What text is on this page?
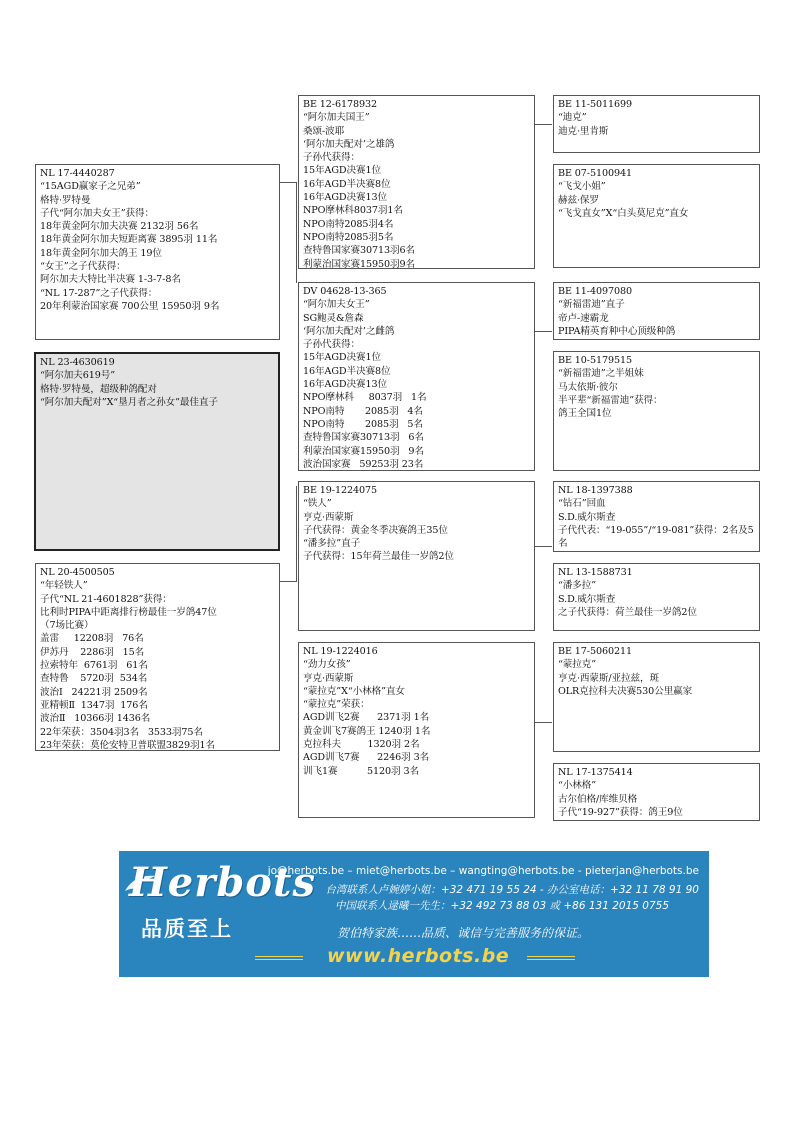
NL 17-4440287
“15AGD赢家子之兄弟”
格特·罗特曼
子代“阿尔加夫女王”获得：
18年黄金阿尔加夫决赛 2132羽 56名
18年黄金阿尔加夫短距离赛 3895羽 11名
18年黄金阿尔加夫鸽王 19位
“女王”之子代获得：
阿尔加夫大特比半决赛 1-3-7-8名
“NL 17-287”之子代获得：
20年利蒙治国家赛 700公里 15950羽 9名
NL 23-4630619
“阿尔加夫619号”
格特·罗特曼，超级种鸽配对
“阿尔加夫配对”X“垦月者之孙女”最佳直子
NL 20-4500505
“年轻铁人”
子代“NL 21-4601828”获得：
比利时PIPA中距离排行榜最佳一岁鸽47位
（7场比赛）
盖雷     12208羽   76名
伊苏丹    2286羽   15名
拉索特年  6761羽   61名
查特鲁    5720羽  534名
波治Ⅰ   24221羽 2509名
亚精顿Ⅱ  1347羽  176名
波治Ⅱ   10366羽 1436名
22年荣获：3504羽3名   3533羽75名
23年荣获：莫伦安特卫普联盟3829羽1名
BE 12-6178932
“阿尔加夫国王”
桑颂-波耶
‘阿尔加夫配对’之雄鸽
子孙代获得：
15年AGD决赛1位
16年AGD半决赛8位
16年AGD决赛13位
NPO摩林科8037羽1名
NPO南特2085羽4名
NPO南特2085羽5名
查特鲁国家赛30713羽6名
利蒙治国家赛15950羽9名
DV 04628-13-365
“阿尔加夫女王”
SG鲍灵&詹森
‘阿尔加夫配对’之雌鸽
子孙代获得：
15年AGD决赛1位
16年AGD半决赛8位
16年AGD决赛13位
NPO摩林科     8037羽   1名
NPO南特       2085羽   4名
NPO南特       2085羽   5名
查特鲁国家赛30713羽   6名
利蒙治国家赛15950羽   9名
波治国家赛   59253羽 23名
BE 19-1224075
“铁人”
亨克·西蒙斯
子代获得：黄金冬季决赛鸽王35位
“潘多拉”直子
子代获得：15年荷兰最佳一岁鸽2位
NL 19-1224016
“劲力女孩”
亨克·西蒙斯
“蒙拉克”X“小林格”直女
“蒙拉克”荣获：
AGD训飞2赛      2371羽 1名
黄金训飞7赛鸽王 1240羽 1名
克拉科夫         1320羽 2名
AGD训飞7赛      2246羽 3名
训飞1赛          5120羽 3名
BE 11-5011699
“迪克”
迪克·里肯斯
BE 07-5100941
“飞戈小姐”
赫兹·保罗
“飞戈直女”X“白头莫尼克”直女
BE 11-4097080
“新福雷迪”直子
帝卢-速霸龙
PIPA精英育种中心顶级种鸽
BE 10-5179515
“新福雷迪”之半姐妹
马太依斯·彼尔
半平辈“新福雷迪”获得：
鸽王全国1位
NL 18-1397388
“钻石”回血
S.D.威尔斯查
子代代表：“19-055”/“19-081”获得：2名及5名
NL 13-1588731
“潘多拉”
S.D.威尔斯查
之子代获得：荷兰最佳一岁鸽2位
BE 17-5060211
“蒙拉克”
亨克·西蒙斯/亚拉兹，斑
OLR克拉科夫决赛530公里赢家
NL 17-1375414
“小林格”
古尔伯格/库维贝格
子代“19-927”获得：鸽王9位
Herbots
品质至上
jo@herbots.be – miet@herbots.be – wangting@herbots.be - pieterjan@herbots.be
台湾联系人卢婉婷小姐：+32 471 19 55 24 - 办公室电话：+32 11 78 91 90
中国联系人逯曦一先生：+32 492 73 88 03 或 +86 131 2015 0755
贺伯特家族……品质、诚信与完善服务的保证。
www.herbots.be
